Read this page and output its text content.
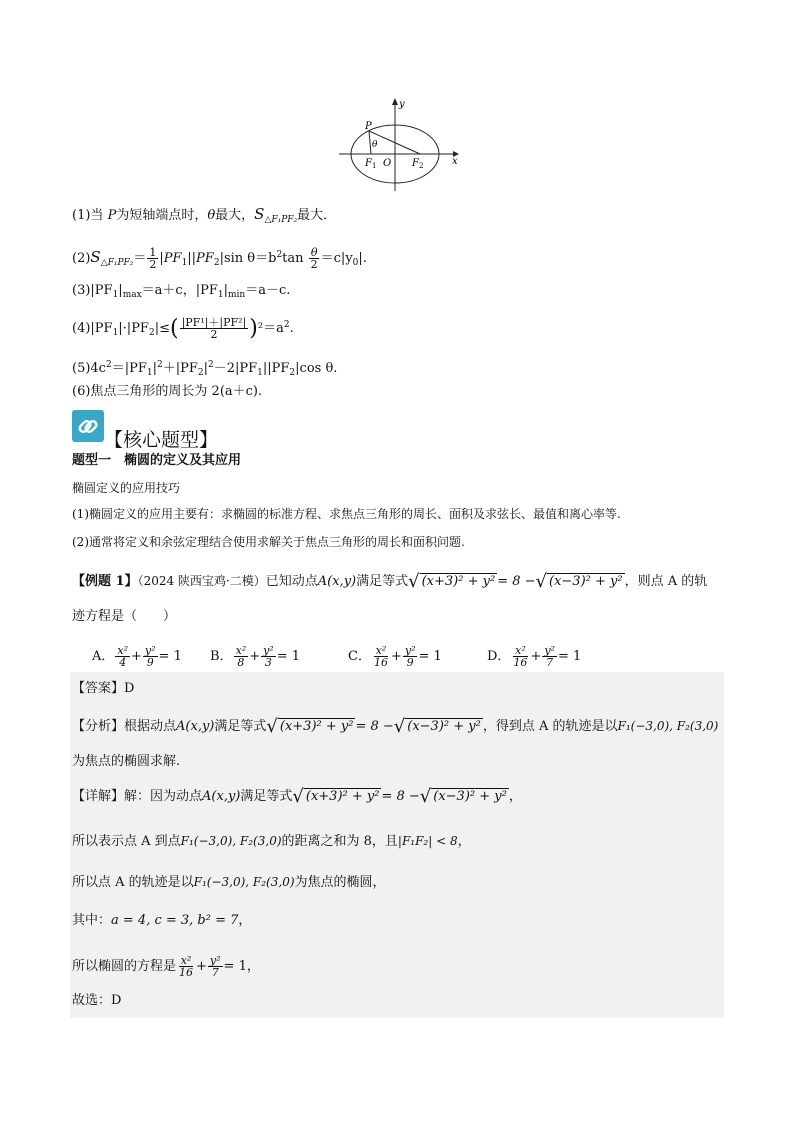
y
x
P
θ
F 1 O F 2
(1)当 P为短轴端点时，θ最大，$S_{\triangle F_1PF_2}$最大．
$(2)S_{\triangle F_1PF_2}= \frac{1}{2} |PF_1||PF_2|\sin$ $\theta=b^2\tan \frac{\theta}{2} =c|y_0|$.
$(3)|PF_1|_{max}=a+c$，$|PF_1|_{min}=a-c$.
$(4)|PF_1|\cdot|PF_2|\le( \frac{\text{|PF¹|＋|PF²|}}{2} )^2=a^2$.
$(5)4c^2=|PF_1|^2+|PF_2|^2-2|PF_1||PF_2|\cos$ θ.
(6)焦点三角形的周长为 2(a＋c).
【核心题型】
题型一　椭圆的定义及其应用
椭圆定义的应用技巧
(1)椭圆定义的应用主要有：求椭圆的标准方程、求焦点三角形的周长、面积及求弦长、最值和离心率等.
(2)通常将定义和余弦定理结合使用求解关于焦点三角形的周长和面积问题.
【例题 1】（2024 陕西宝鸡·二模）已知动点A(x,y)满足等式√ (x+3)² + y² = 8 −√ (x−3)² + y² ，则点 A 的轨
迹方程是（　　）
A． $\frac{\text{x²}}{4} + \frac{\text{y²}}{9} = 1$ B． $\frac{\text{x²}}{8} + \frac{\text{y²}}{3} = 1$	C． $\frac{\text{x²}}{16} + \frac{\text{y²}}{9} = 1$	D． $\frac{\text{x²}}{16} + \frac{\text{y²}}{7} = 1$
【答案】D
【分析】根据动点A(x,y)满足等式√ (x+3)² + y² = 8 −√ (x−3)² + y² ，得到点 A 的轨迹是以F₁(−3,0), F₂(3,0)
为焦点的椭圆求解.
【详解】解：因为动点A(x,y)满足等式√ (x+3)² + y² = 8 −√ (x−3)² + y² ，
所以表示点 A 到点F₁(−3,0), F₂(3,0)的距离之和为 8，且|F₁F₂| < 8，
所以点 A 的轨迹是以F₁(−3,0), F₂(3,0)为焦点的椭圆，
其中：a = 4, c = 3, b² = 7，
所以椭圆的方程是 $\frac{\text{x²}}{16} + \frac{\text{y²}}{7} = 1$，
故选：D
